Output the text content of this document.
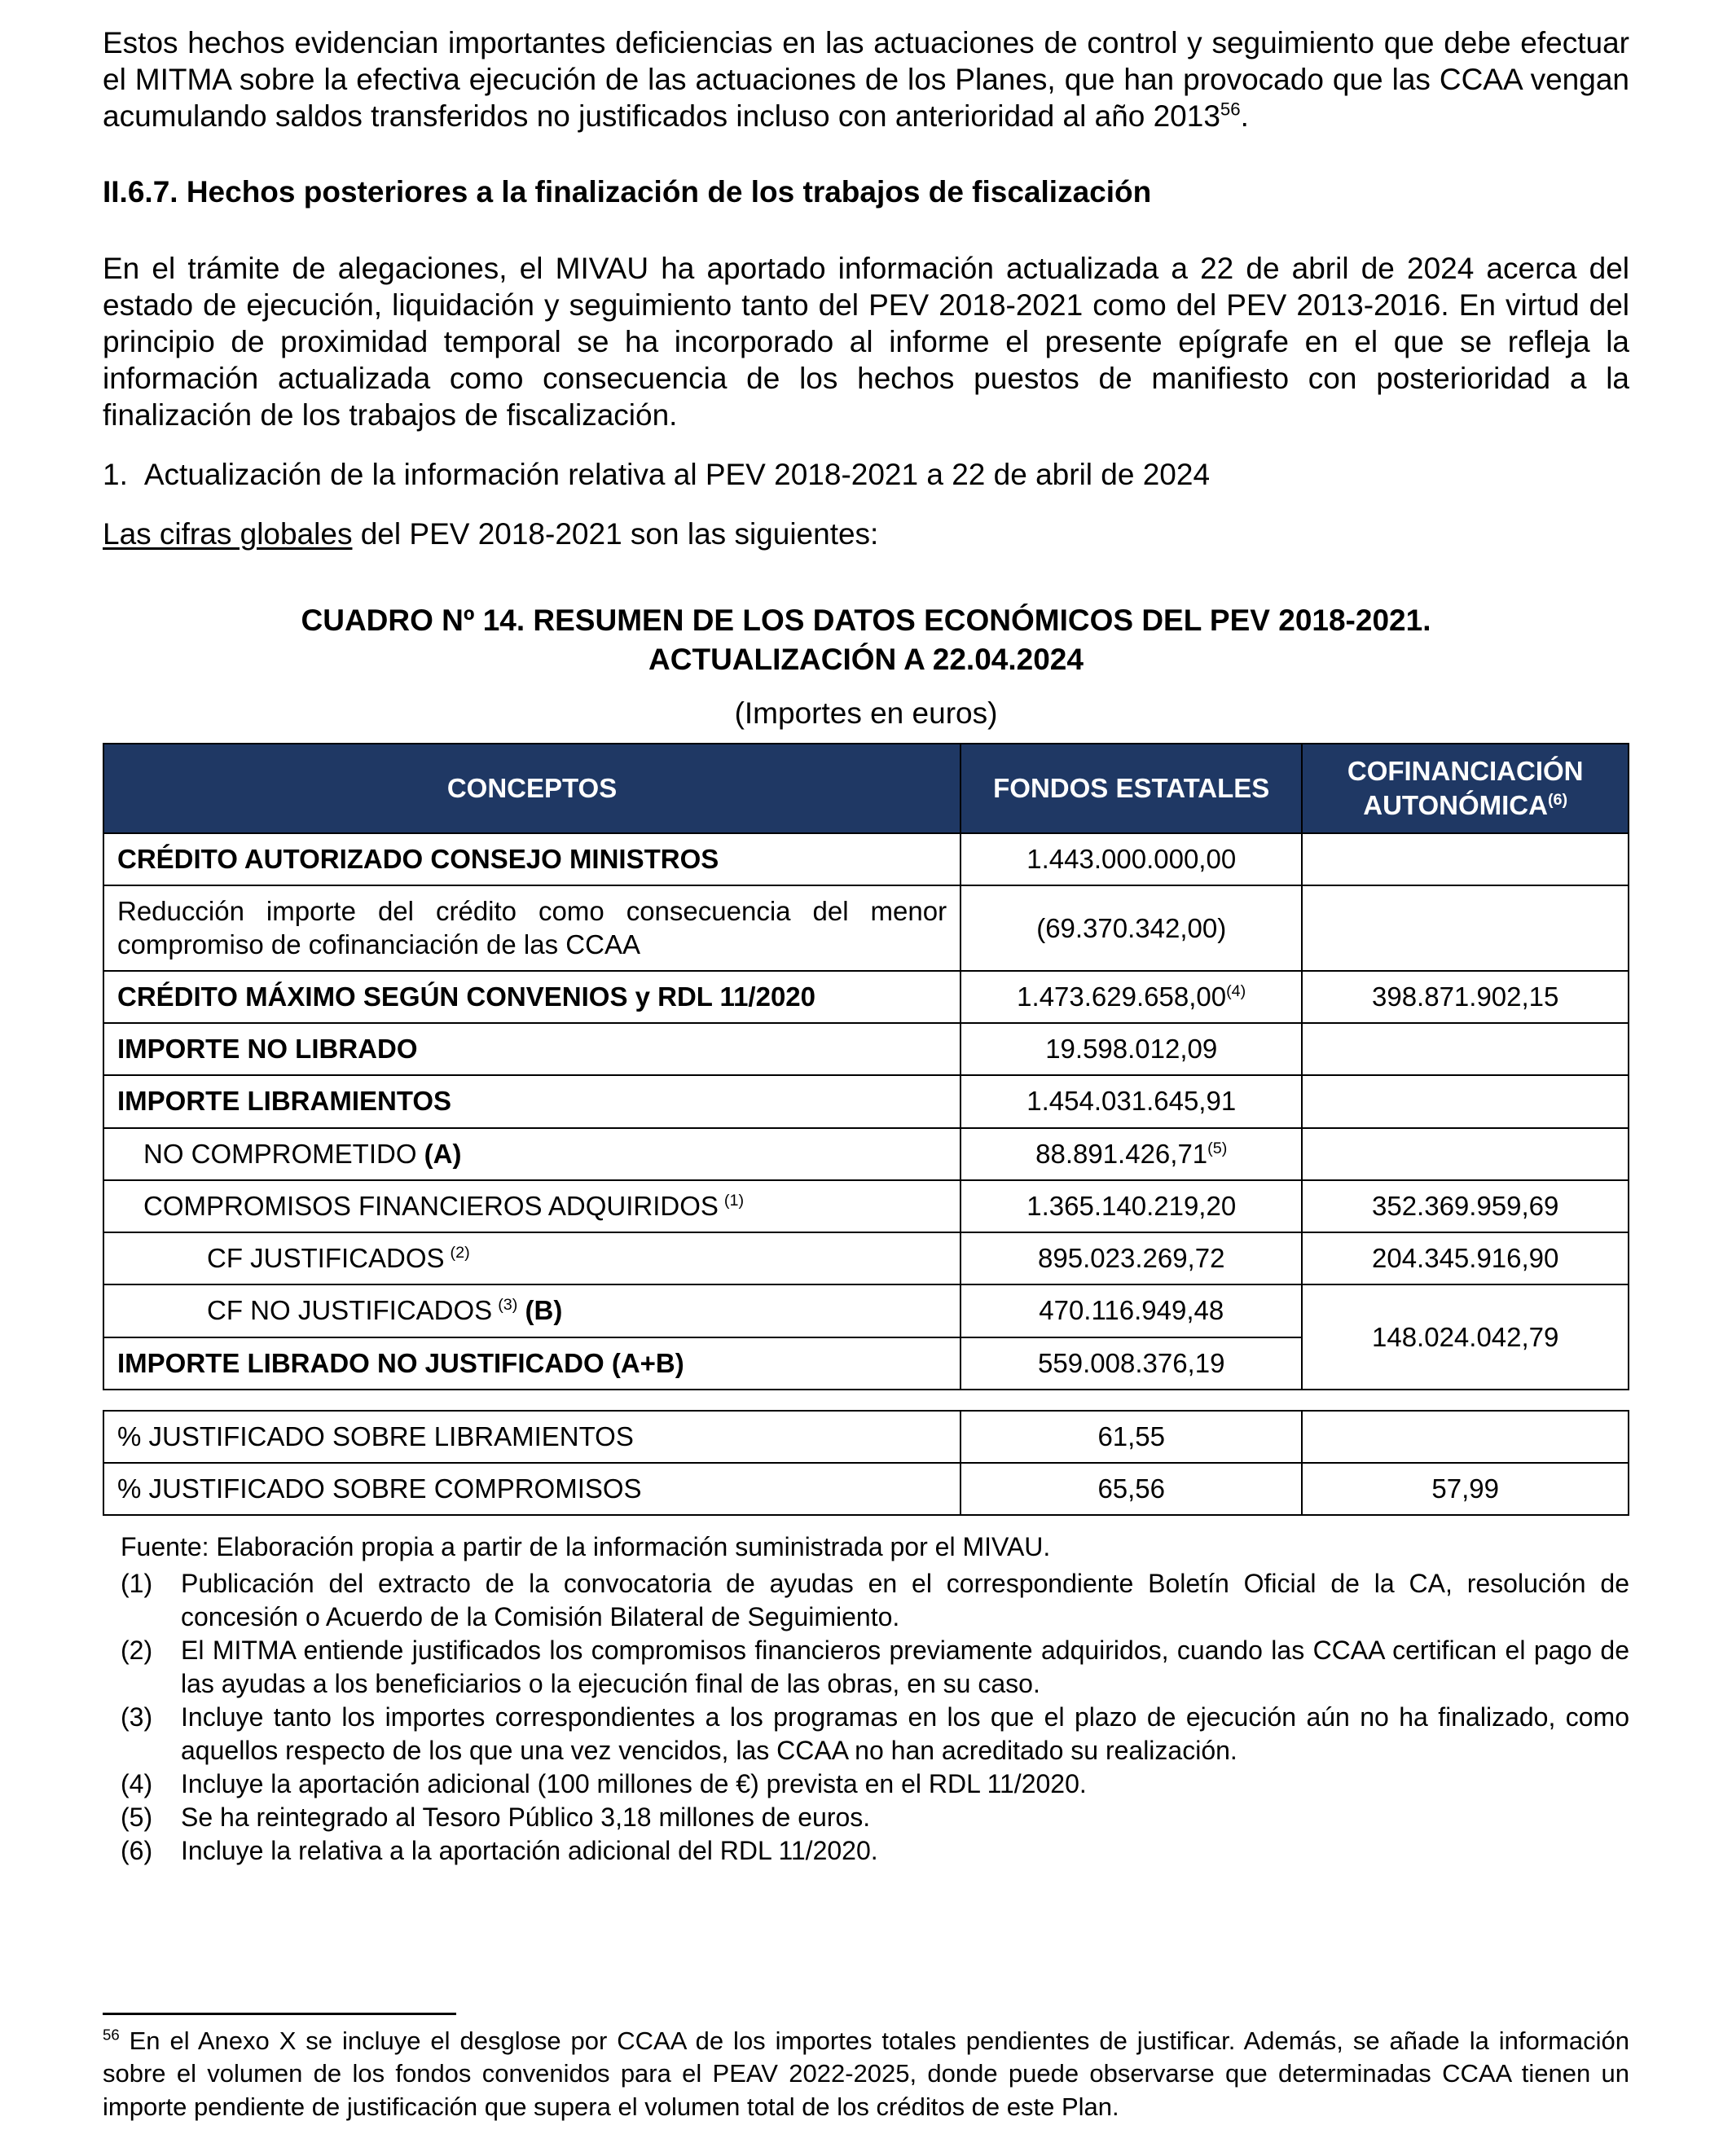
Estos hechos evidencian importantes deficiencias en las actuaciones de control y seguimiento que debe efectuar el MITMA sobre la efectiva ejecución de las actuaciones de los Planes, que han provocado que las CCAA vengan acumulando saldos transferidos no justificados incluso con anterioridad al año 2013$^{56}$.

II.6.7. Hechos posteriores a la finalización de los trabajos de fiscalización

En el trámite de alegaciones, el MIVAU ha aportado información actualizada a 22 de abril de 2024 acerca del estado de ejecución, liquidación y seguimiento tanto del PEV 2018-2021 como del PEV 2013-2016. En virtud del principio de proximidad temporal se ha incorporado al informe el presente epígrafe en el que se refleja la información actualizada como consecuencia de los hechos puestos de manifiesto con posterioridad a la finalización de los trabajos de fiscalización.

1. Actualización de la información relativa al PEV 2018-2021 a 22 de abril de 2024

Las cifras globales del PEV 2018-2021 son las siguientes:

CUADRO Nº 14. RESUMEN DE LOS DATOS ECONÓMICOS DEL PEV 2018-2021.
ACTUALIZACIÓN A 22.04.2024
(Importes en euros)
CONCEPTOS	FONDOS ESTATALES	COFINANCIACIÓN AUTONÓMICA$^{(6)}$
CRÉDITO AUTORIZADO CONSEJO MINISTROS	1.443.000.000,00	
Reducción importe del crédito como consecuencia del menor compromiso de cofinanciación de las CCAA	(69.370.342,00)	
CRÉDITO MÁXIMO SEGÚN CONVENIOS y RDL 11/2020	1.473.629.658,00$^{(4)}$	398.871.902,15
IMPORTE NO LIBRADO	19.598.012,09	
IMPORTE LIBRAMIENTOS	1.454.031.645,91	
NO COMPROMETIDO (A)	88.891.426,71$^{(5)}$	
COMPROMISOS FINANCIEROS ADQUIRIDOS $^{(1)}$	1.365.140.219,20	352.369.959,69
CF JUSTIFICADOS $^{(2)}$	895.023.269,72	204.345.916,90
CF NO JUSTIFICADOS $^{(3)}$ (B)	470.116.949,48	148.024.042,79
IMPORTE LIBRADO NO JUSTIFICADO (A+B)	559.008.376,19	
% JUSTIFICADO SOBRE LIBRAMIENTOS	61,55	
% JUSTIFICADO SOBRE COMPROMISOS	65,56	57,99
Fuente: Elaboración propia a partir de la información suministrada por el MIVAU.
(1)	Publicación del extracto de la convocatoria de ayudas en el correspondiente Boletín Oficial de la CA, resolución de concesión o Acuerdo de la Comisión Bilateral de Seguimiento.
(2)	El MITMA entiende justificados los compromisos financieros previamente adquiridos, cuando las CCAA certifican el pago de las ayudas a los beneficiarios o la ejecución final de las obras, en su caso.
(3)	Incluye tanto los importes correspondientes a los programas en los que el plazo de ejecución aún no ha finalizado, como aquellos respecto de los que una vez vencidos, las CCAA no han acreditado su realización.
(4)	Incluye la aportación adicional (100 millones de €) prevista en el RDL 11/2020.
(5)	Se ha reintegrado al Tesoro Público 3,18 millones de euros.
(6)	Incluye la relativa a la aportación adicional del RDL 11/2020.

$^{56}$ En el Anexo X se incluye el desglose por CCAA de los importes totales pendientes de justificar. Además, se añade la información sobre el volumen de los fondos convenidos para el PEAV 2022-2025, donde puede observarse que determinadas CCAA tienen un importe pendiente de justificación que supera el volumen total de los créditos de este Plan.
